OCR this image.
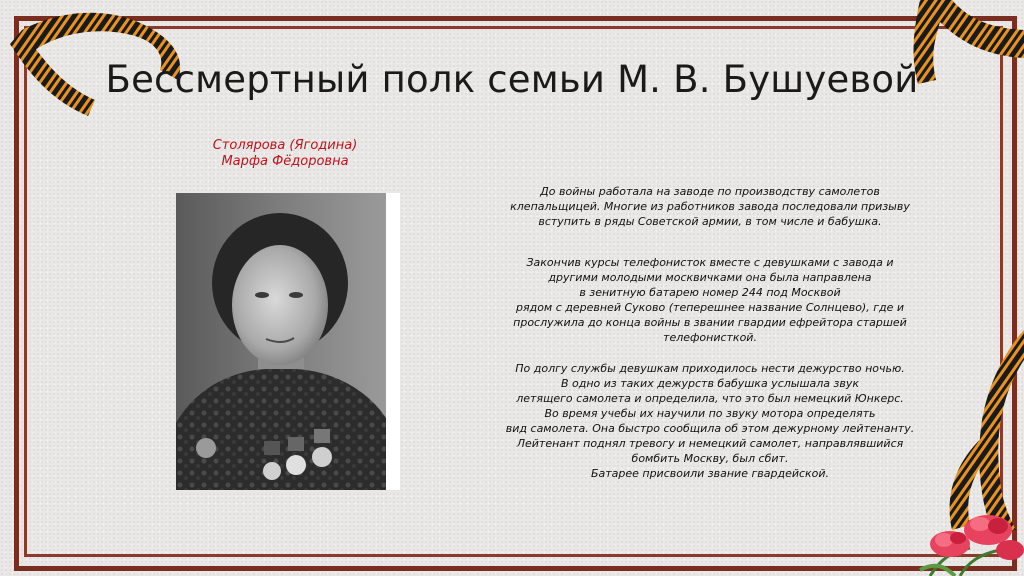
Бессмертный полк семьи М. В. Бушуевой
Столярова (Ягодина)
Марфа Фёдоровна

До войны работала на заводе по производству самолетов
клепальщицей. Многие из работников завода последовали призыву
вступить в ряды Советской армии, в том числе и бабушка.

Закончив курсы телефонисток вместе с девушками с завода и
другими молодыми москвичками она была направлена
в зенитную батарею номер 244 под Москвой
рядом с деревней Суково (теперешнее название Солнцево), где и
прослужила до конца войны в звании гвардии ефрейтора старшей
телефонисткой.

По долгу службы девушкам приходилось нести дежурство ночью.
В одно из таких дежурств бабушка услышала звук
летящего самолета и определила, что это был немецкий Юнкерс.
Во время учебы их научили по звуку мотора определять
вид самолета. Она быстро сообщила об этом дежурному лейтенанту.
Лейтенант поднял тревогу и немецкий самолет, направлявшийся
бомбить Москву, был сбит.
Батарее присвоили звание гвардейской.
